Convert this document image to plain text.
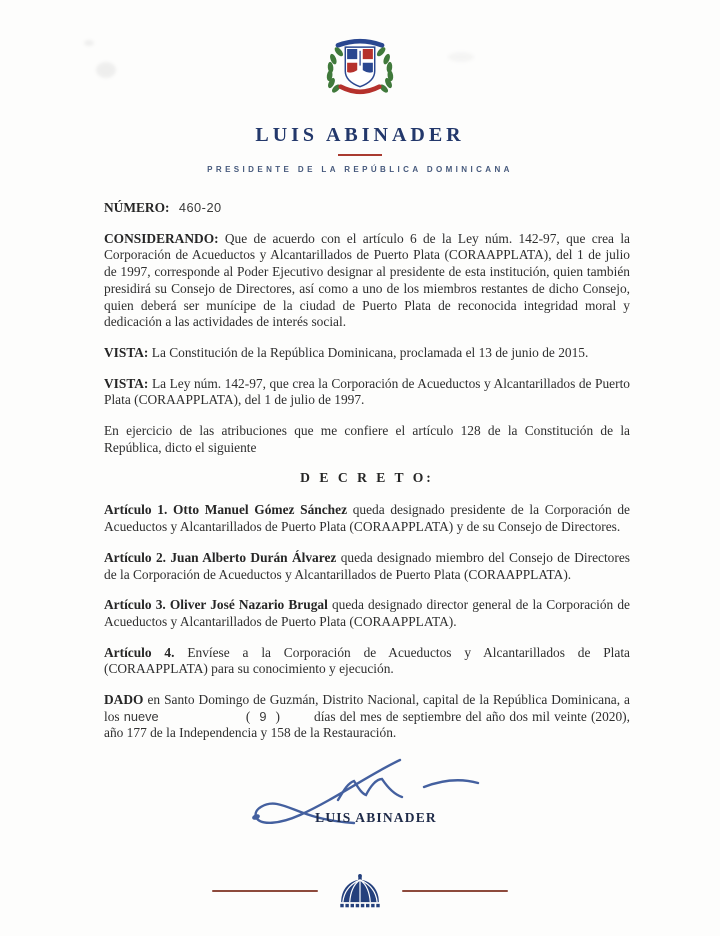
LUIS ABINADER
PRESIDENTE DE LA REPÚBLICA DOMINICANA

NÚMERO: 460-20

CONSIDERANDO: Que de acuerdo con el artículo 6 de la Ley núm. 142-97, que crea la Corporación de Acueductos y Alcantarillados de Puerto Plata (CORAAPPLATA), del 1 de julio de 1997, corresponde al Poder Ejecutivo designar al presidente de esta institución, quien también presidirá su Consejo de Directores, así como a uno de los miembros restantes de dicho Consejo, quien deberá ser munícipe de la ciudad de Puerto Plata de reconocida integridad moral y dedicación a las actividades de interés social.

VISTA: La Constitución de la República Dominicana, proclamada el 13 de junio de 2015.

VISTA: La Ley núm. 142-97, que crea la Corporación de Acueductos y Alcantarillados de Puerto Plata (CORAAPPLATA), del 1 de julio de 1997.

En ejercicio de las atribuciones que me confiere el artículo 128 de la Constitución de la República, dicto el siguiente

D E C R E T O:

Artículo 1. Otto Manuel Gómez Sánchez queda designado presidente de la Corporación de Acueductos y Alcantarillados de Puerto Plata (CORAAPPLATA) y de su Consejo de Directores.

Artículo 2. Juan Alberto Durán Álvarez queda designado miembro del Consejo de Directores de la Corporación de Acueductos y Alcantarillados de Puerto Plata (CORAAPPLATA).

Artículo 3. Oliver José Nazario Brugal queda designado director general de la Corporación de Acueductos y Alcantarillados de Puerto Plata (CORAAPPLATA).

Artículo 4. Envíese a la Corporación de Acueductos y Alcantarillados de Plata (CORAAPPLATA) para su conocimiento y ejecución.

DADO en Santo Domingo de Guzmán, Distrito Nacional, capital de la República Dominicana, a los nueve	( 9 )	días del mes de septiembre del año dos mil veinte (2020), año 177 de la Independencia y 158 de la Restauración.

LUIS ABINADER
